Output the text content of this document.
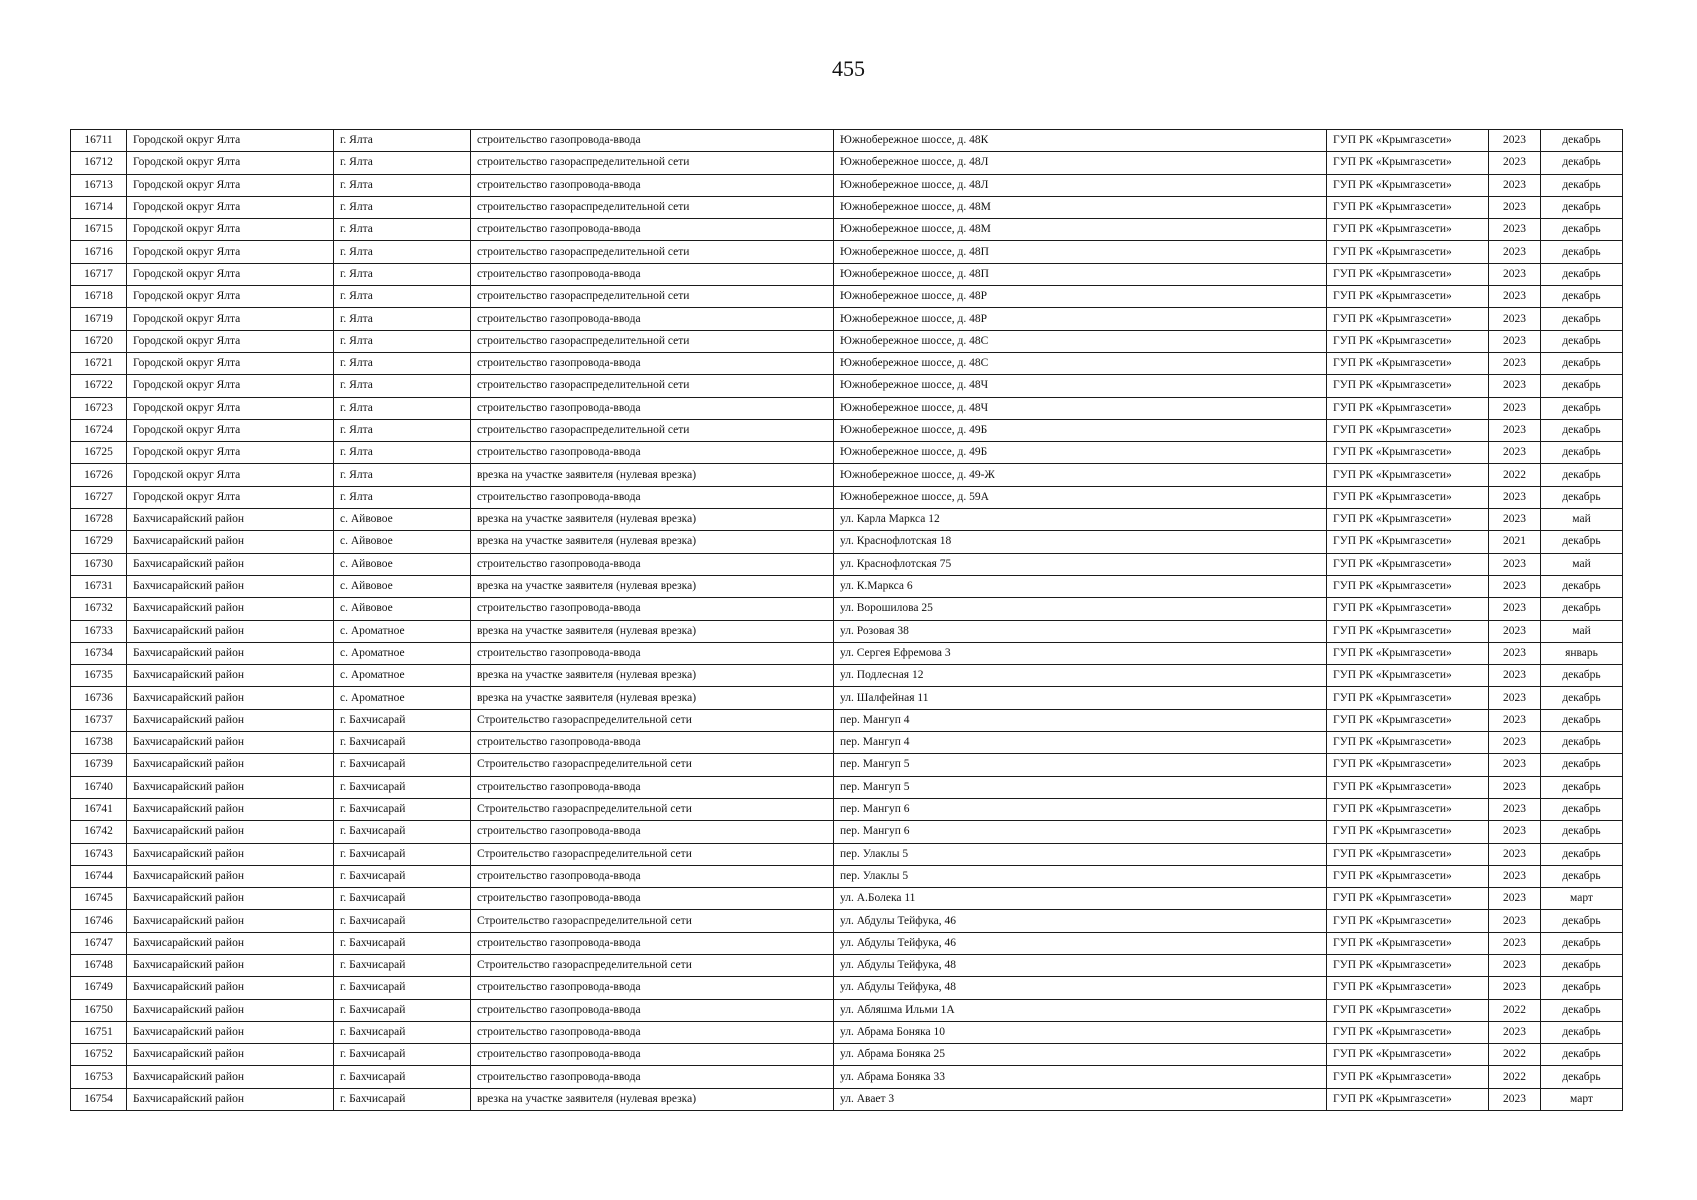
455
16711	Городской округ Ялта	г. Ялта	строительство газопровода-ввода	Южнобережное шоссе, д. 48К	ГУП РК «Крымгазсети»	2023	декабрь
16712	Городской округ Ялта	г. Ялта	строительство газораспределительной сети	Южнобережное шоссе, д. 48Л	ГУП РК «Крымгазсети»	2023	декабрь
16713	Городской округ Ялта	г. Ялта	строительство газопровода-ввода	Южнобережное шоссе, д. 48Л	ГУП РК «Крымгазсети»	2023	декабрь
16714	Городской округ Ялта	г. Ялта	строительство газораспределительной сети	Южнобережное шоссе, д. 48М	ГУП РК «Крымгазсети»	2023	декабрь
16715	Городской округ Ялта	г. Ялта	строительство газопровода-ввода	Южнобережное шоссе, д. 48М	ГУП РК «Крымгазсети»	2023	декабрь
16716	Городской округ Ялта	г. Ялта	строительство газораспределительной сети	Южнобережное шоссе, д. 48П	ГУП РК «Крымгазсети»	2023	декабрь
16717	Городской округ Ялта	г. Ялта	строительство газопровода-ввода	Южнобережное шоссе, д. 48П	ГУП РК «Крымгазсети»	2023	декабрь
16718	Городской округ Ялта	г. Ялта	строительство газораспределительной сети	Южнобережное шоссе, д. 48Р	ГУП РК «Крымгазсети»	2023	декабрь
16719	Городской округ Ялта	г. Ялта	строительство газопровода-ввода	Южнобережное шоссе, д. 48Р	ГУП РК «Крымгазсети»	2023	декабрь
16720	Городской округ Ялта	г. Ялта	строительство газораспределительной сети	Южнобережное шоссе, д. 48С	ГУП РК «Крымгазсети»	2023	декабрь
16721	Городской округ Ялта	г. Ялта	строительство газопровода-ввода	Южнобережное шоссе, д. 48С	ГУП РК «Крымгазсети»	2023	декабрь
16722	Городской округ Ялта	г. Ялта	строительство газораспределительной сети	Южнобережное шоссе, д. 48Ч	ГУП РК «Крымгазсети»	2023	декабрь
16723	Городской округ Ялта	г. Ялта	строительство газопровода-ввода	Южнобережное шоссе, д. 48Ч	ГУП РК «Крымгазсети»	2023	декабрь
16724	Городской округ Ялта	г. Ялта	строительство газораспределительной сети	Южнобережное шоссе, д. 49Б	ГУП РК «Крымгазсети»	2023	декабрь
16725	Городской округ Ялта	г. Ялта	строительство газопровода-ввода	Южнобережное шоссе, д. 49Б	ГУП РК «Крымгазсети»	2023	декабрь
16726	Городской округ Ялта	г. Ялта	врезка на участке заявителя (нулевая врезка)	Южнобережное шоссе, д. 49-Ж	ГУП РК «Крымгазсети»	2022	декабрь
16727	Городской округ Ялта	г. Ялта	строительство газопровода-ввода	Южнобережное шоссе, д. 59А	ГУП РК «Крымгазсети»	2023	декабрь
16728	Бахчисарайский район	с. Айвовое	врезка на участке заявителя (нулевая врезка)	ул. Карла Маркса 12	ГУП РК «Крымгазсети»	2023	май
16729	Бахчисарайский район	с. Айвовое	врезка на участке заявителя (нулевая врезка)	ул. Краснофлотская 18	ГУП РК «Крымгазсети»	2021	декабрь
16730	Бахчисарайский район	с. Айвовое	строительство газопровода-ввода	ул. Краснофлотская 75	ГУП РК «Крымгазсети»	2023	май
16731	Бахчисарайский район	с. Айвовое	врезка на участке заявителя (нулевая врезка)	ул. К.Маркса 6	ГУП РК «Крымгазсети»	2023	декабрь
16732	Бахчисарайский район	с. Айвовое	строительство газопровода-ввода	ул. Ворошилова 25	ГУП РК «Крымгазсети»	2023	декабрь
16733	Бахчисарайский район	с. Ароматное	врезка на участке заявителя (нулевая врезка)	ул. Розовая 38	ГУП РК «Крымгазсети»	2023	май
16734	Бахчисарайский район	с. Ароматное	строительство газопровода-ввода	ул. Сергея Ефремова 3	ГУП РК «Крымгазсети»	2023	январь
16735	Бахчисарайский район	с. Ароматное	врезка на участке заявителя (нулевая врезка)	ул. Подлесная 12	ГУП РК «Крымгазсети»	2023	декабрь
16736	Бахчисарайский район	с. Ароматное	врезка на участке заявителя (нулевая врезка)	ул. Шалфейная 11	ГУП РК «Крымгазсети»	2023	декабрь
16737	Бахчисарайский район	г. Бахчисарай	Строительство газораспределительной сети	пер. Мангуп 4	ГУП РК «Крымгазсети»	2023	декабрь
16738	Бахчисарайский район	г. Бахчисарай	строительство газопровода-ввода	пер. Мангуп 4	ГУП РК «Крымгазсети»	2023	декабрь
16739	Бахчисарайский район	г. Бахчисарай	Строительство газораспределительной сети	пер. Мангуп 5	ГУП РК «Крымгазсети»	2023	декабрь
16740	Бахчисарайский район	г. Бахчисарай	строительство газопровода-ввода	пер. Мангуп 5	ГУП РК «Крымгазсети»	2023	декабрь
16741	Бахчисарайский район	г. Бахчисарай	Строительство газораспределительной сети	пер. Мангуп 6	ГУП РК «Крымгазсети»	2023	декабрь
16742	Бахчисарайский район	г. Бахчисарай	строительство газопровода-ввода	пер. Мангуп 6	ГУП РК «Крымгазсети»	2023	декабрь
16743	Бахчисарайский район	г. Бахчисарай	Строительство газораспределительной сети	пер. Улаклы 5	ГУП РК «Крымгазсети»	2023	декабрь
16744	Бахчисарайский район	г. Бахчисарай	строительство газопровода-ввода	пер. Улаклы 5	ГУП РК «Крымгазсети»	2023	декабрь
16745	Бахчисарайский район	г. Бахчисарай	строительство газопровода-ввода	ул. А.Болека 11	ГУП РК «Крымгазсети»	2023	март
16746	Бахчисарайский район	г. Бахчисарай	Строительство газораспределительной сети	ул. Абдулы Тейфука, 46	ГУП РК «Крымгазсети»	2023	декабрь
16747	Бахчисарайский район	г. Бахчисарай	строительство газопровода-ввода	ул. Абдулы Тейфука, 46	ГУП РК «Крымгазсети»	2023	декабрь
16748	Бахчисарайский район	г. Бахчисарай	Строительство газораспределительной сети	ул. Абдулы Тейфука, 48	ГУП РК «Крымгазсети»	2023	декабрь
16749	Бахчисарайский район	г. Бахчисарай	строительство газопровода-ввода	ул. Абдулы Тейфука, 48	ГУП РК «Крымгазсети»	2023	декабрь
16750	Бахчисарайский район	г. Бахчисарай	строительство газопровода-ввода	ул. Абляшма Ильми 1А	ГУП РК «Крымгазсети»	2022	декабрь
16751	Бахчисарайский район	г. Бахчисарай	строительство газопровода-ввода	ул. Абрама Боняка 10	ГУП РК «Крымгазсети»	2023	декабрь
16752	Бахчисарайский район	г. Бахчисарай	строительство газопровода-ввода	ул. Абрама Боняка 25	ГУП РК «Крымгазсети»	2022	декабрь
16753	Бахчисарайский район	г. Бахчисарай	строительство газопровода-ввода	ул. Абрама Боняка 33	ГУП РК «Крымгазсети»	2022	декабрь
16754	Бахчисарайский район	г. Бахчисарай	врезка на участке заявителя (нулевая врезка)	ул. Авает 3	ГУП РК «Крымгазсети»	2023	март
